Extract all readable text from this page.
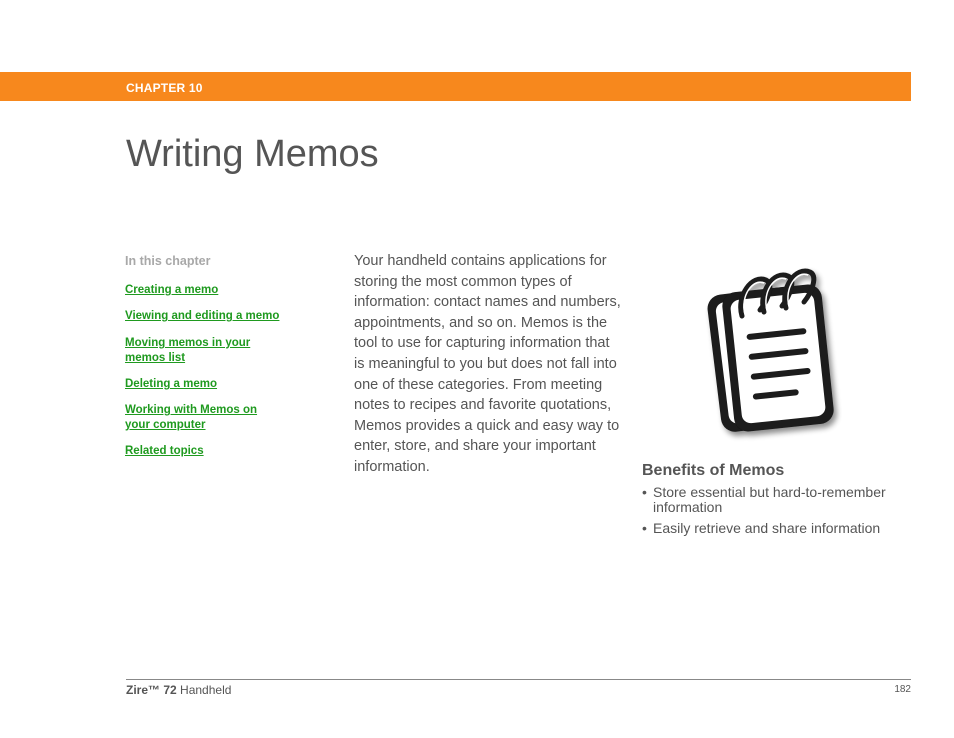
CHAPTER 10
Writing Memos
In this chapter
Creating a memo
Viewing and editing a memo
Moving memos in your
memos list
Deleting a memo
Working with Memos on
your computer
Related topics

Your handheld contains applications for storing the most common types of information: contact names and numbers, appointments, and so on. Memos is the tool to use for capturing information that is meaningful to you but does not fall into one of these categories. From meeting notes to recipes and favorite quotations, Memos provides a quick and easy way to enter, store, and share your important information.	Benefits of Memos
• Store essential but hard-to-remember information
• Easily retrieve and share information
Zire™ 72 Handheld	182
